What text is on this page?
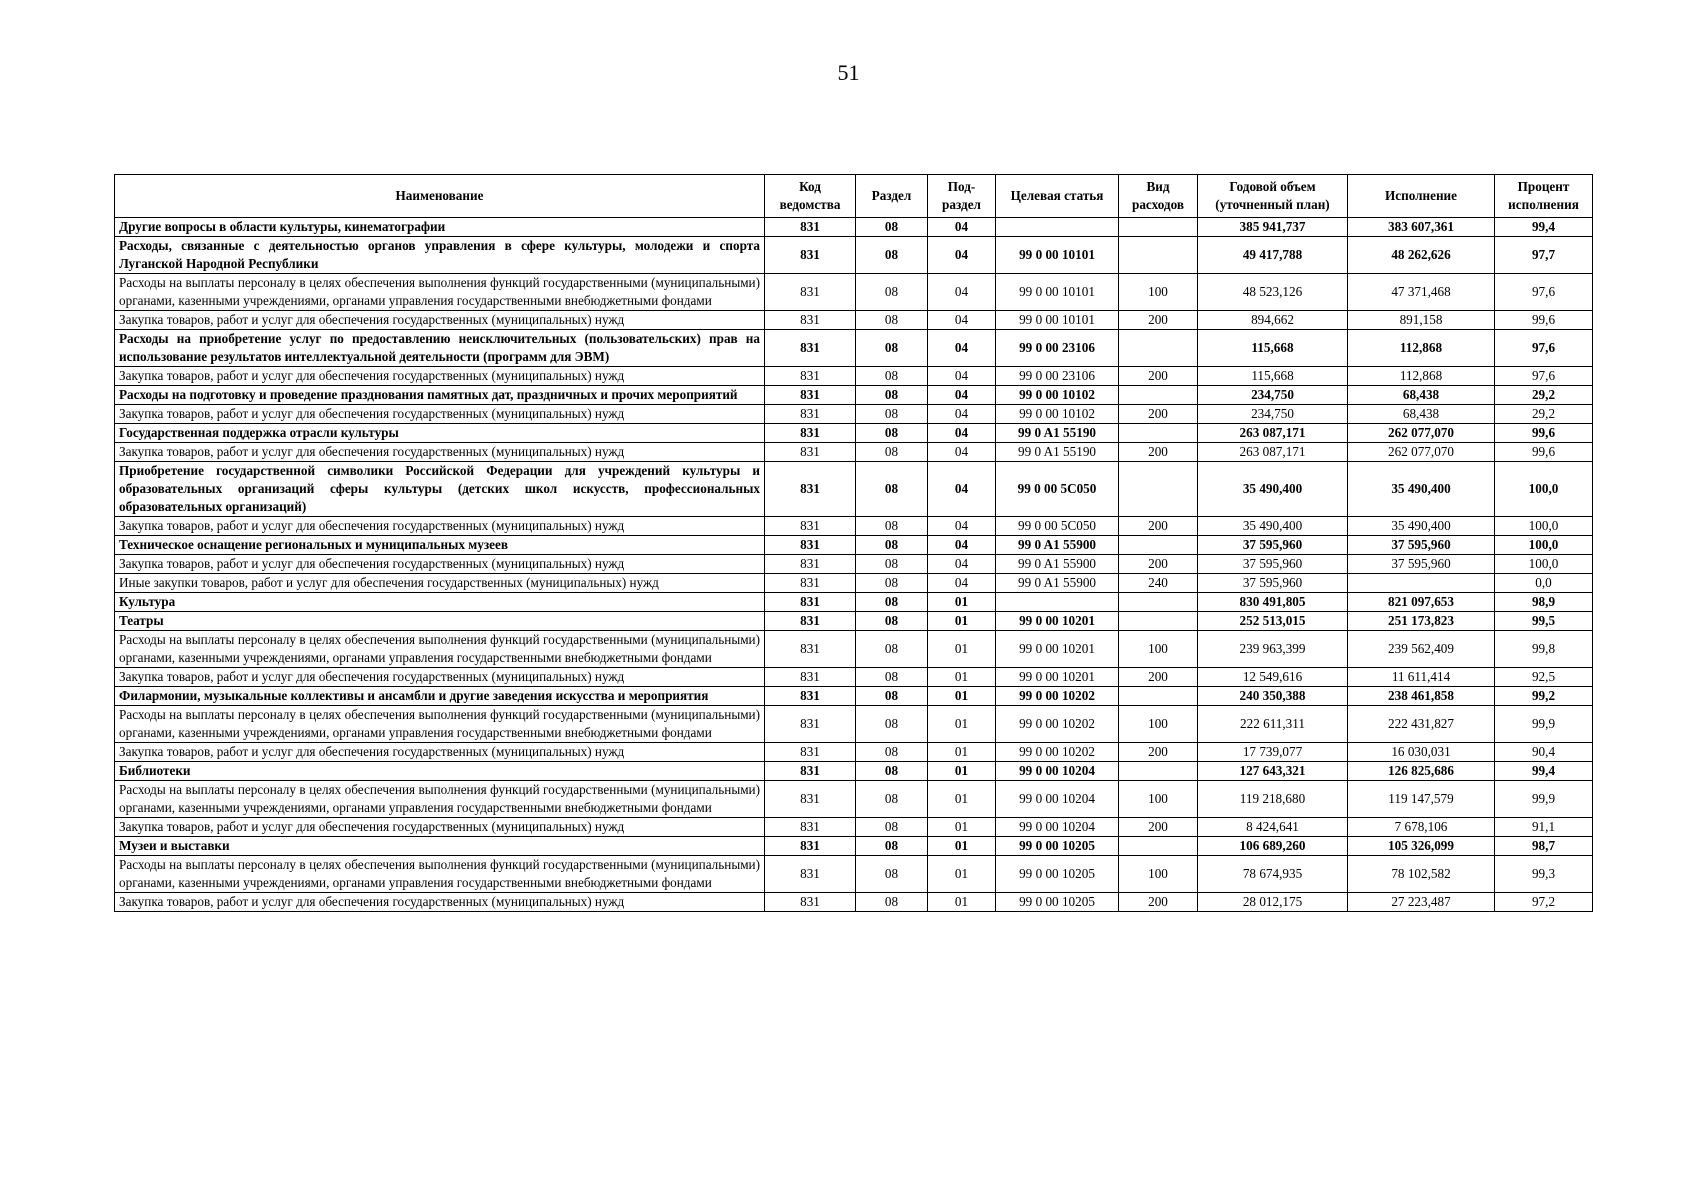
51
Наименование	Код ведомства	Раздел	Под-раздел	Целевая статья	Вид расходов	Годовой объем (уточненный план)	Исполнение	Процент исполнения
Другие вопросы в области культуры, кинематографии	831	08	04			385 941,737	383 607,361	99,4
Расходы, связанные с деятельностью органов управления в сфере культуры, молодежи и спорта Луганской Народной Республики	831	08	04	99 0 00 10101		49 417,788	48 262,626	97,7
Расходы на выплаты персоналу в целях обеспечения выполнения функций государственными (муниципальными) органами, казенными учреждениями, органами управления государственными внебюджетными фондами	831	08	04	99 0 00 10101	100	48 523,126	47 371,468	97,6
Закупка товаров, работ и услуг для обеспечения государственных (муниципальных) нужд	831	08	04	99 0 00 10101	200	894,662	891,158	99,6
Расходы на приобретение услуг по предоставлению неисключительных (пользовательских) прав на использование результатов интеллектуальной деятельности (программ для ЭВМ)	831	08	04	99 0 00 23106		115,668	112,868	97,6
Закупка товаров, работ и услуг для обеспечения государственных (муниципальных) нужд	831	08	04	99 0 00 23106	200	115,668	112,868	97,6
Расходы на подготовку и проведение празднования памятных дат, праздничных и прочих мероприятий	831	08	04	99 0 00 10102		234,750	68,438	29,2
Закупка товаров, работ и услуг для обеспечения государственных (муниципальных) нужд	831	08	04	99 0 00 10102	200	234,750	68,438	29,2
Государственная поддержка отрасли культуры	831	08	04	99 0 A1 55190		263 087,171	262 077,070	99,6
Закупка товаров, работ и услуг для обеспечения государственных (муниципальных) нужд	831	08	04	99 0 A1 55190	200	263 087,171	262 077,070	99,6
Приобретение государственной символики Российской Федерации для учреждений культуры и образовательных организаций сферы культуры (детских школ искусств, профессиональных образовательных организаций)	831	08	04	99 0 00 5C050		35 490,400	35 490,400	100,0
Закупка товаров, работ и услуг для обеспечения государственных (муниципальных) нужд	831	08	04	99 0 00 5C050	200	35 490,400	35 490,400	100,0
Техническое оснащение региональных и муниципальных музеев	831	08	04	99 0 A1 55900		37 595,960	37 595,960	100,0
Закупка товаров, работ и услуг для обеспечения государственных (муниципальных) нужд	831	08	04	99 0 A1 55900	200	37 595,960	37 595,960	100,0
Иные закупки товаров, работ и услуг для обеспечения государственных (муниципальных) нужд	831	08	04	99 0 A1 55900	240	37 595,960		0,0
Культура	831	08	01			830 491,805	821 097,653	98,9
Театры	831	08	01	99 0 00 10201		252 513,015	251 173,823	99,5
Расходы на выплаты персоналу в целях обеспечения выполнения функций государственными (муниципальными) органами, казенными учреждениями, органами управления государственными внебюджетными фондами	831	08	01	99 0 00 10201	100	239 963,399	239 562,409	99,8
Закупка товаров, работ и услуг для обеспечения государственных (муниципальных) нужд	831	08	01	99 0 00 10201	200	12 549,616	11 611,414	92,5
Филармонии, музыкальные коллективы и ансамбли и другие заведения искусства и мероприятия	831	08	01	99 0 00 10202		240 350,388	238 461,858	99,2
Расходы на выплаты персоналу в целях обеспечения выполнения функций государственными (муниципальными) органами, казенными учреждениями, органами управления государственными внебюджетными фондами	831	08	01	99 0 00 10202	100	222 611,311	222 431,827	99,9
Закупка товаров, работ и услуг для обеспечения государственных (муниципальных) нужд	831	08	01	99 0 00 10202	200	17 739,077	16 030,031	90,4
Библиотеки	831	08	01	99 0 00 10204		127 643,321	126 825,686	99,4
Расходы на выплаты персоналу в целях обеспечения выполнения функций государственными (муниципальными) органами, казенными учреждениями, органами управления государственными внебюджетными фондами	831	08	01	99 0 00 10204	100	119 218,680	119 147,579	99,9
Закупка товаров, работ и услуг для обеспечения государственных (муниципальных) нужд	831	08	01	99 0 00 10204	200	8 424,641	7 678,106	91,1
Музеи и выставки	831	08	01	99 0 00 10205		106 689,260	105 326,099	98,7
Расходы на выплаты персоналу в целях обеспечения выполнения функций государственными (муниципальными) органами, казенными учреждениями, органами управления государственными внебюджетными фондами	831	08	01	99 0 00 10205	100	78 674,935	78 102,582	99,3
Закупка товаров, работ и услуг для обеспечения государственных (муниципальных) нужд	831	08	01	99 0 00 10205	200	28 012,175	27 223,487	97,2
